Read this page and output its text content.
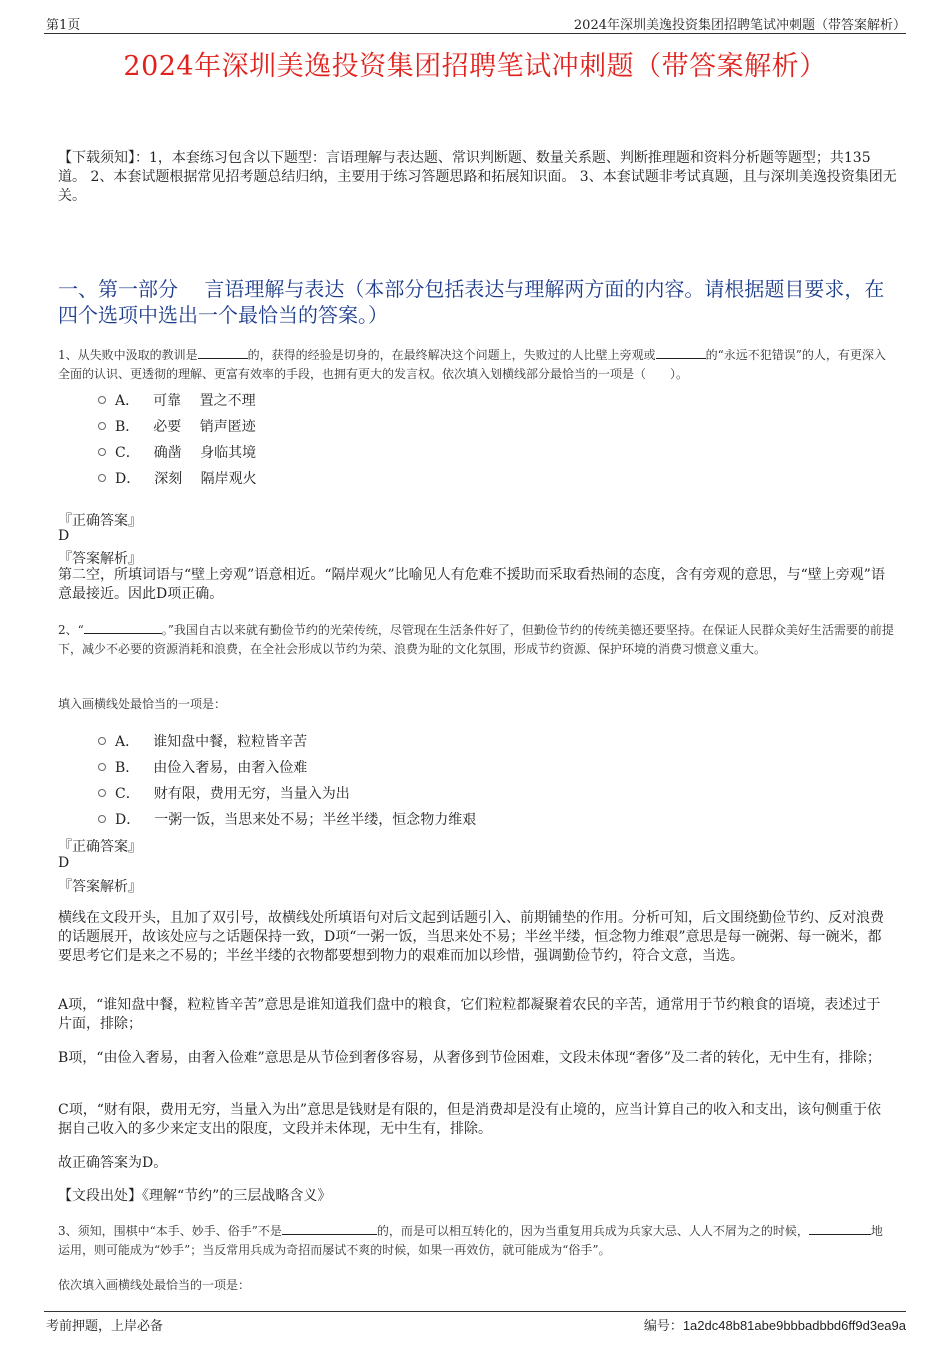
第1页	2024年深圳美逸投资集团招聘笔试冲刺题（带答案解析）
2024年深圳美逸投资集团招聘笔试冲刺题（带答案解析）
【下载须知】：1，本套练习包含以下题型：言语理解与表达题、常识判断题、数量关系题、判断推理题和资料分析题等题型；共135道。 2、本套试题根据常见招考题总结归纳，主要用于练习答题思路和拓展知识面。 3、本套试题非考试真题，且与深圳美逸投资集团无关。
一、第一部分　 言语理解与表达（本部分包括表达与理解两方面的内容。请根据题目要求，在四个选项中选出一个最恰当的答案。）
1、从失败中汲取的教训是	的，获得的经验是切身的，在最终解决这个问题上，失败过的人比壁上旁观或	的“永远不犯错误”的人，有更深入全面的认识、更透彻的理解、更富有效率的手段，也拥有更大的发言权。依次填入划横线部分最恰当的一项是（　　）。
A． 可靠　 置之不理
B． 必要　 销声匿迹
C． 确凿　 身临其境
D． 深刻　 隔岸观火
『正确答案』
D
『答案解析』
第二空，所填词语与“壁上旁观”语意相近。“隔岸观火”比喻见人有危难不援助而采取看热闹的态度，含有旁观的意思，与“壁上旁观”语意最接近。因此D项正确。
2、“	。”我国自古以来就有勤俭节约的光荣传统，尽管现在生活条件好了，但勤俭节约的传统美德还要坚持。在保证人民群众美好生活需要的前提下，减少不必要的资源消耗和浪费，在全社会形成以节约为荣、浪费为耻的文化氛围，形成节约资源、保护环境的消费习惯意义重大。
填入画横线处最恰当的一项是：
A． 谁知盘中餐，粒粒皆辛苦
B． 由俭入奢易，由奢入俭难
C． 财有限，费用无穷，当量入为出
D． 一粥一饭，当思来处不易；半丝半缕，恒念物力维艰
『正确答案』
D
『答案解析』
横线在文段开头，且加了双引号，故横线处所填语句对后文起到话题引入、前期铺垫的作用。分析可知，后文围绕勤俭节约、反对浪费的话题展开，故该处应与之话题保持一致，D项“一粥一饭，当思来处不易；半丝半缕，恒念物力维艰”意思是每一碗粥、每一碗米，都要思考它们是来之不易的；半丝半缕的衣物都要想到物力的艰难而加以珍惜，强调勤俭节约，符合文意，当选。
A项，“谁知盘中餐，粒粒皆辛苦”意思是谁知道我们盘中的粮食，它们粒粒都凝聚着农民的辛苦，通常用于节约粮食的语境，表述过于片面，排除；
B项，“由俭入奢易，由奢入俭难”意思是从节俭到奢侈容易，从奢侈到节俭困难，文段未体现“奢侈”及二者的转化，无中生有，排除；
C项，“财有限，费用无穷，当量入为出”意思是钱财是有限的，但是消费却是没有止境的，应当计算自己的收入和支出，该句侧重于依据自己收入的多少来定支出的限度，文段并未体现，无中生有，排除。
故正确答案为D。
【文段出处】《理解“节约”的三层战略含义》
3、须知，围棋中“本手、妙手、俗手”不是	的，而是可以相互转化的，因为当重复用兵成为兵家大忌、人人不屑为之的时候，	地运用，则可能成为“妙手”；当反常用兵成为奇招而屡试不爽的时候，如果一再效仿，就可能成为“俗手”。
依次填入画横线处最恰当的一项是：
考前押题，上岸必备	编号：1a2dc48b81abe9bbbadbbd6ff9d3ea9a
